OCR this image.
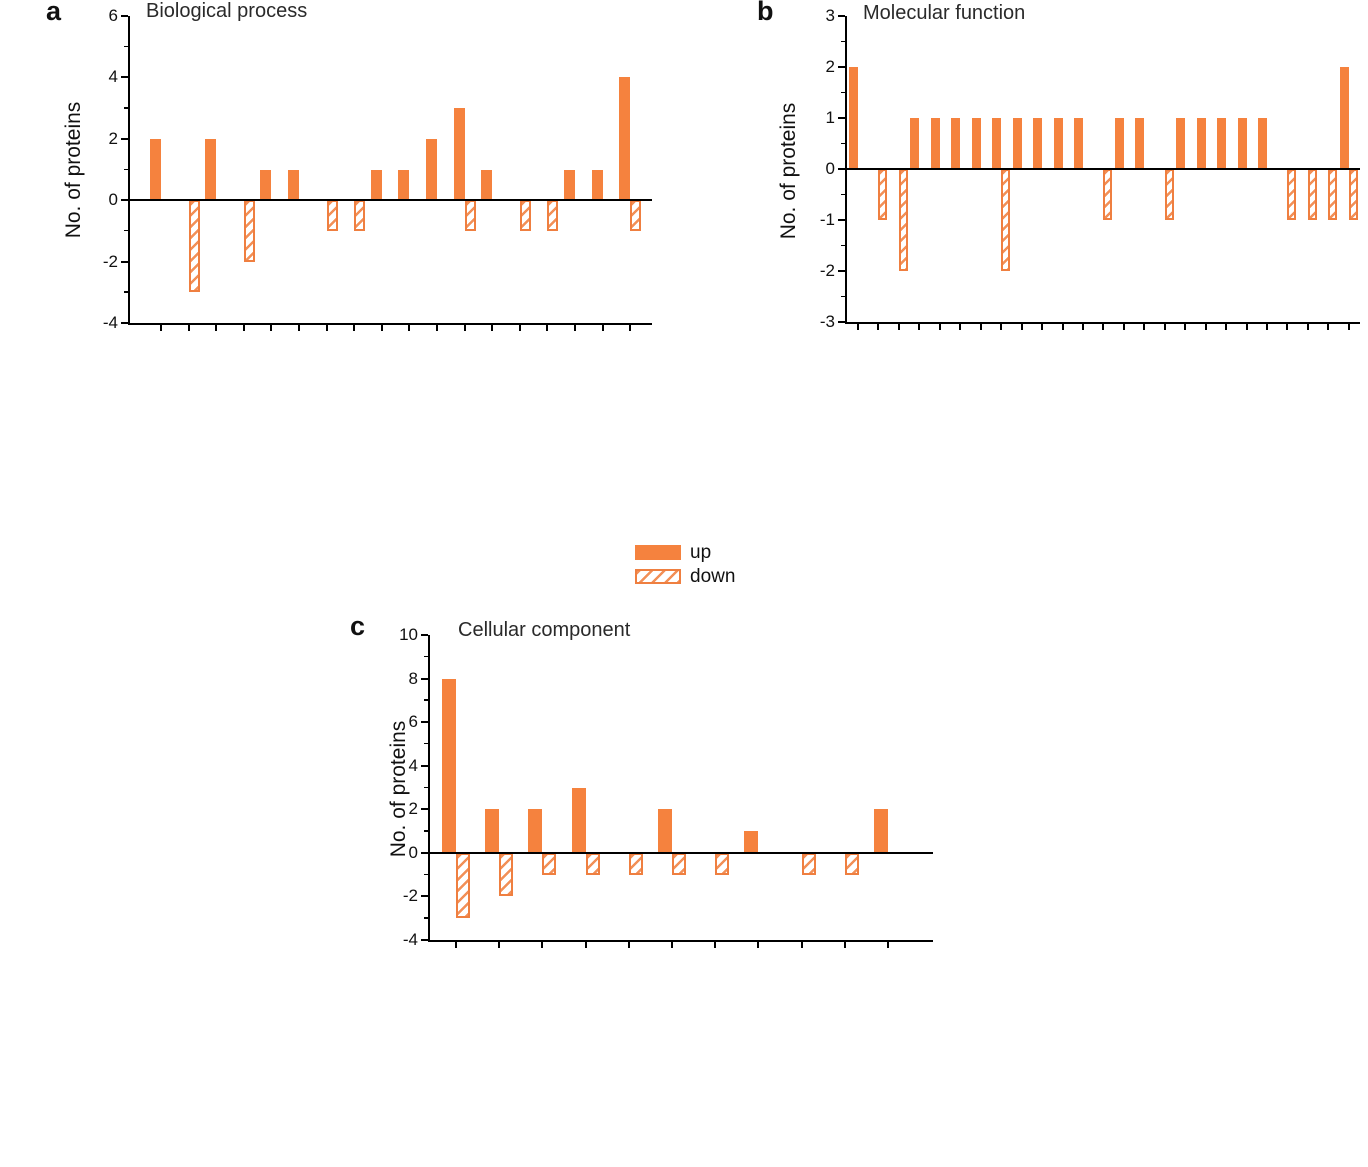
a	Biological process
No. of proteins
6
4
2
0
-2
-4
b	Molecular function
No. of proteins
3
2
1
0
-1
-2
-3
c	Cellular component
No. of proteins
10
8
6
4
2
0
-2
-4
up
down
